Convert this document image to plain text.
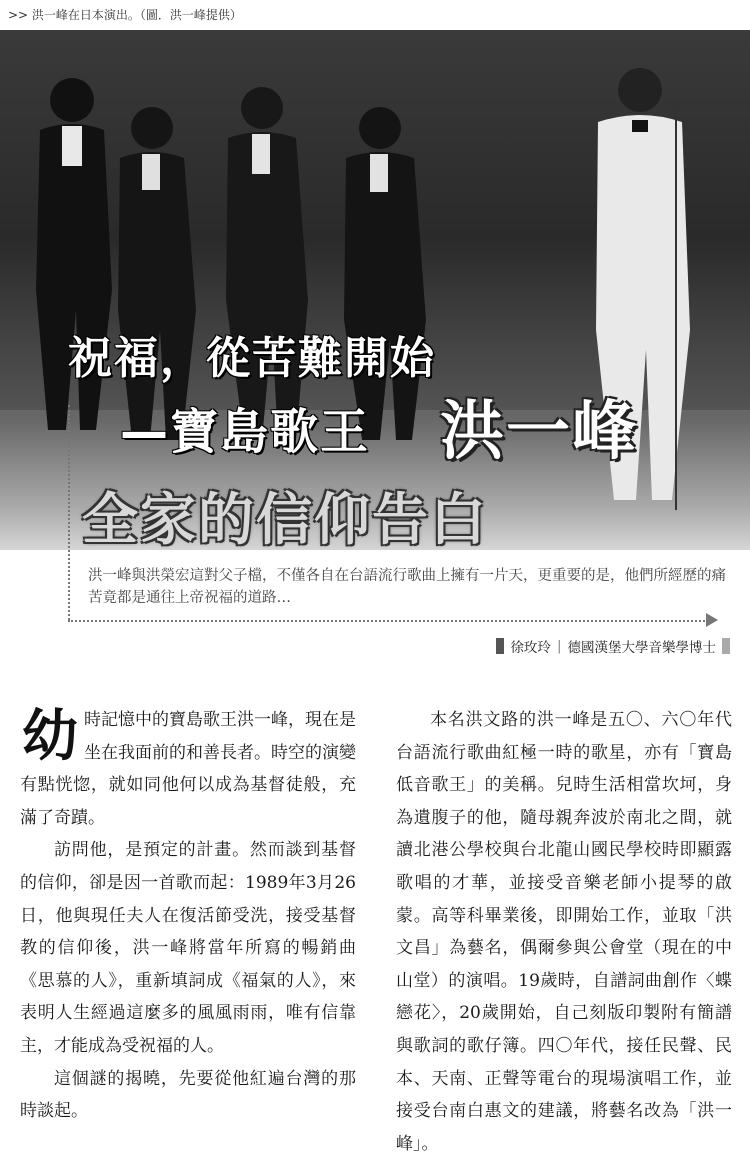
>> 洪一峰在日本演出。（圖．洪一峰提供）
祝福，從苦難開始
—寶島歌王 洪一峰
全家的信仰告白
洪一峰與洪榮宏這對父子檔，不僅各自在台語流行歌曲上擁有一片天，更重要的是，他們所經歷的痛苦竟都是通往上帝祝福的道路…
徐玫玲 | 德國漢堡大學音樂學博士

幼 時記憶中的寶島歌王洪一峰，現在是坐在我面前的和善長者。時空的演變有點恍惚，就如同他何以成為基督徒般，充滿了奇蹟。

訪問他，是預定的計畫。然而談到基督的信仰，卻是因一首歌而起：1989年3月26日，他與現任夫人在復活節受洗，接受基督教的信仰後，洪一峰將當年所寫的暢銷曲《思慕的人》，重新填詞成《福氣的人》，來表明人生經過這麼多的風風雨雨，唯有信靠主，才能成為受祝福的人。

這個謎的揭曉，先要從他紅遍台灣的那時談起。

本名洪文路的洪一峰是五〇、六〇年代台語流行歌曲紅極一時的歌星，亦有「寶島低音歌王」的美稱。兒時生活相當坎坷，身為遺腹子的他，隨母親奔波於南北之間，就讀北港公學校與台北龍山國民學校時即顯露歌唱的才華，並接受音樂老師小提琴的啟蒙。高等科畢業後，即開始工作，並取「洪文昌」為藝名，偶爾參與公會堂（現在的中山堂）的演唱。19歲時，自譜詞曲創作〈蝶戀花〉，20歲開始，自己刻版印製附有簡譜與歌詞的歌仔簿。四〇年代，接任民聲、民本、天南、正聲等電台的現場演唱工作，並接受台南白惠文的建議，將藝名改為「洪一峰」。
